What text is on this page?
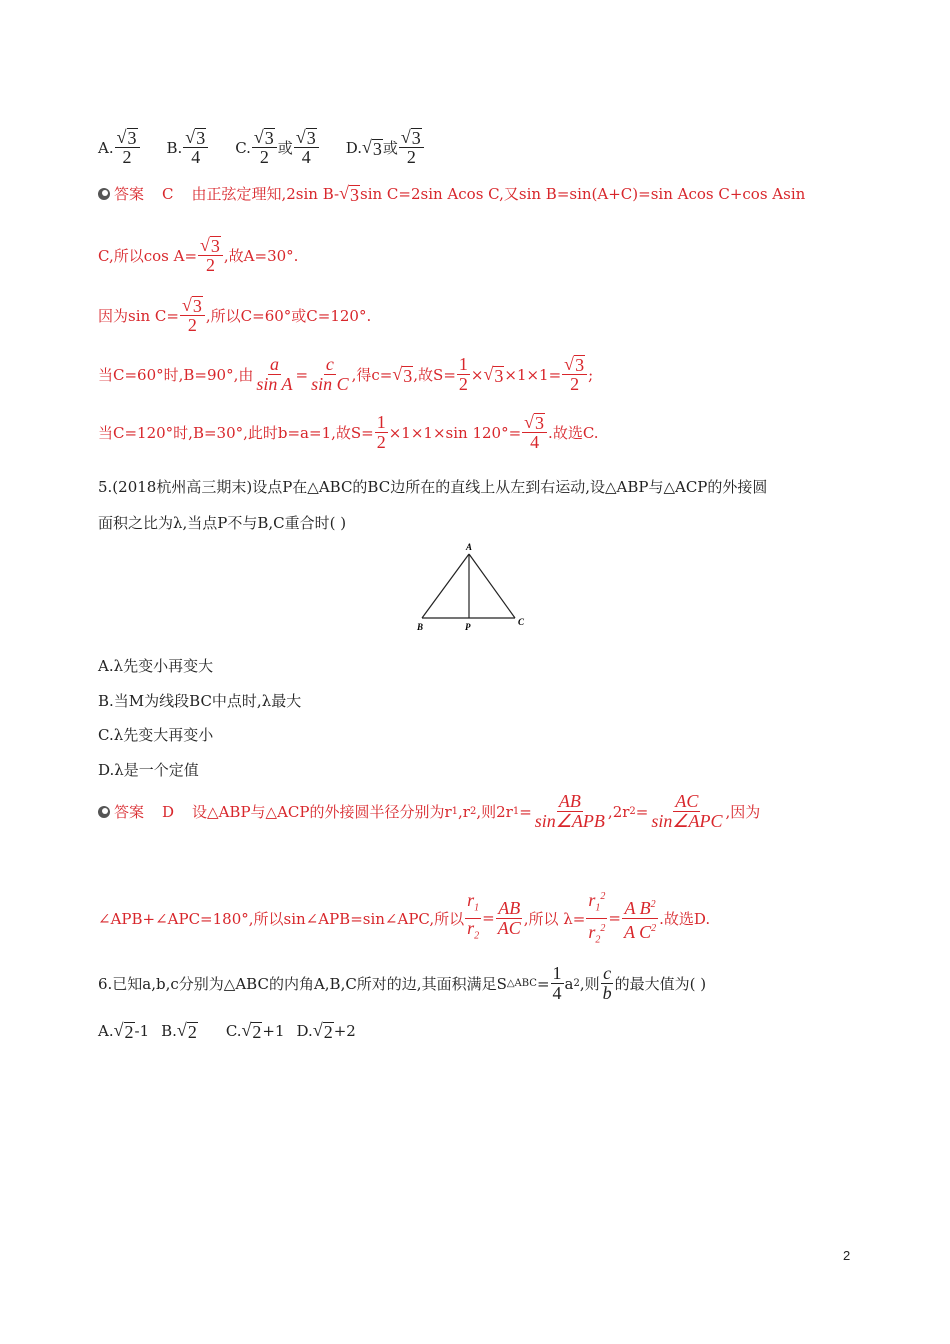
A. $\frac{√ 3}{2} B$. $\frac{√ 3}{4} C$. $\frac{√ 3}{2}$ 或 $\frac{√ 3}{4} D$. √ 3 或 $\frac{√ 3}{2}$
答案 C 由正弦定理知,2sin B- √ 3 sin C=2sin Acos C,又sin B=sin(A+C)=sin Acos C+cos Asin
C,所以$\cos A= \frac{√ 3}{2}$ ,故A=30°.
因为$\sin C= \frac{√ 3}{2}$ ,所以C=60°或C=120°.
当C=60°时,B=90°,由 $\frac{a}{\text{sin A}} = \frac{c}{\text{sin C}}$ ,得c= √ 3 ,故$S= \frac{1}{2}$ × √ $3 \times 1\times 1= \frac{√ 3}{2}$ ;
当C=120°时,B=30°,此时b=a=1,故$S= \frac{1}{2} \times 1\times 1\times\sin$ $120^\circ= \frac{√ 3}{4}$ .故选C.
5.(2018杭州高三期末)设点P在△ABC的BC边所在的直线上从左到右运动,设△ABP与△ACP的外接圆
面积之比为λ,当点P不与B,C重合时( )
A
B	P	C
A.λ先变小再变大
B.当M为线段BC中点时,λ最大
C.λ先变大再变小
D.λ是一个定值
答案 D 设△ABP与△ACP的外接圆半径分别为r 1 ,r 2 ,则2r $1 = \frac{AB}{\text{sin∠APB}} ,2r$ $2 = \frac{AC}{\text{sin∠APC}}$ ,因为
∠APB+∠APC=180°,所以sin∠APB=sin∠APC,所以 $\frac{r_1}{r_2} = \frac{AB}{AC}$ ,所以 $\lambda= \frac{r_1^2}{r_2^2} = \frac{A B^2}{A C^2}$ .故选D.
6.已知a,b,c分别为△ABC的内角A,B,C所对的边,其面积满足S △ABC = $\frac{1}{4}$ a 2 ,则 $\frac{c}{b}$ 的最大值为( )
A. √ 2 -1 B. √ 2 C. √ 2 +1 D. √ 2 +2
2
